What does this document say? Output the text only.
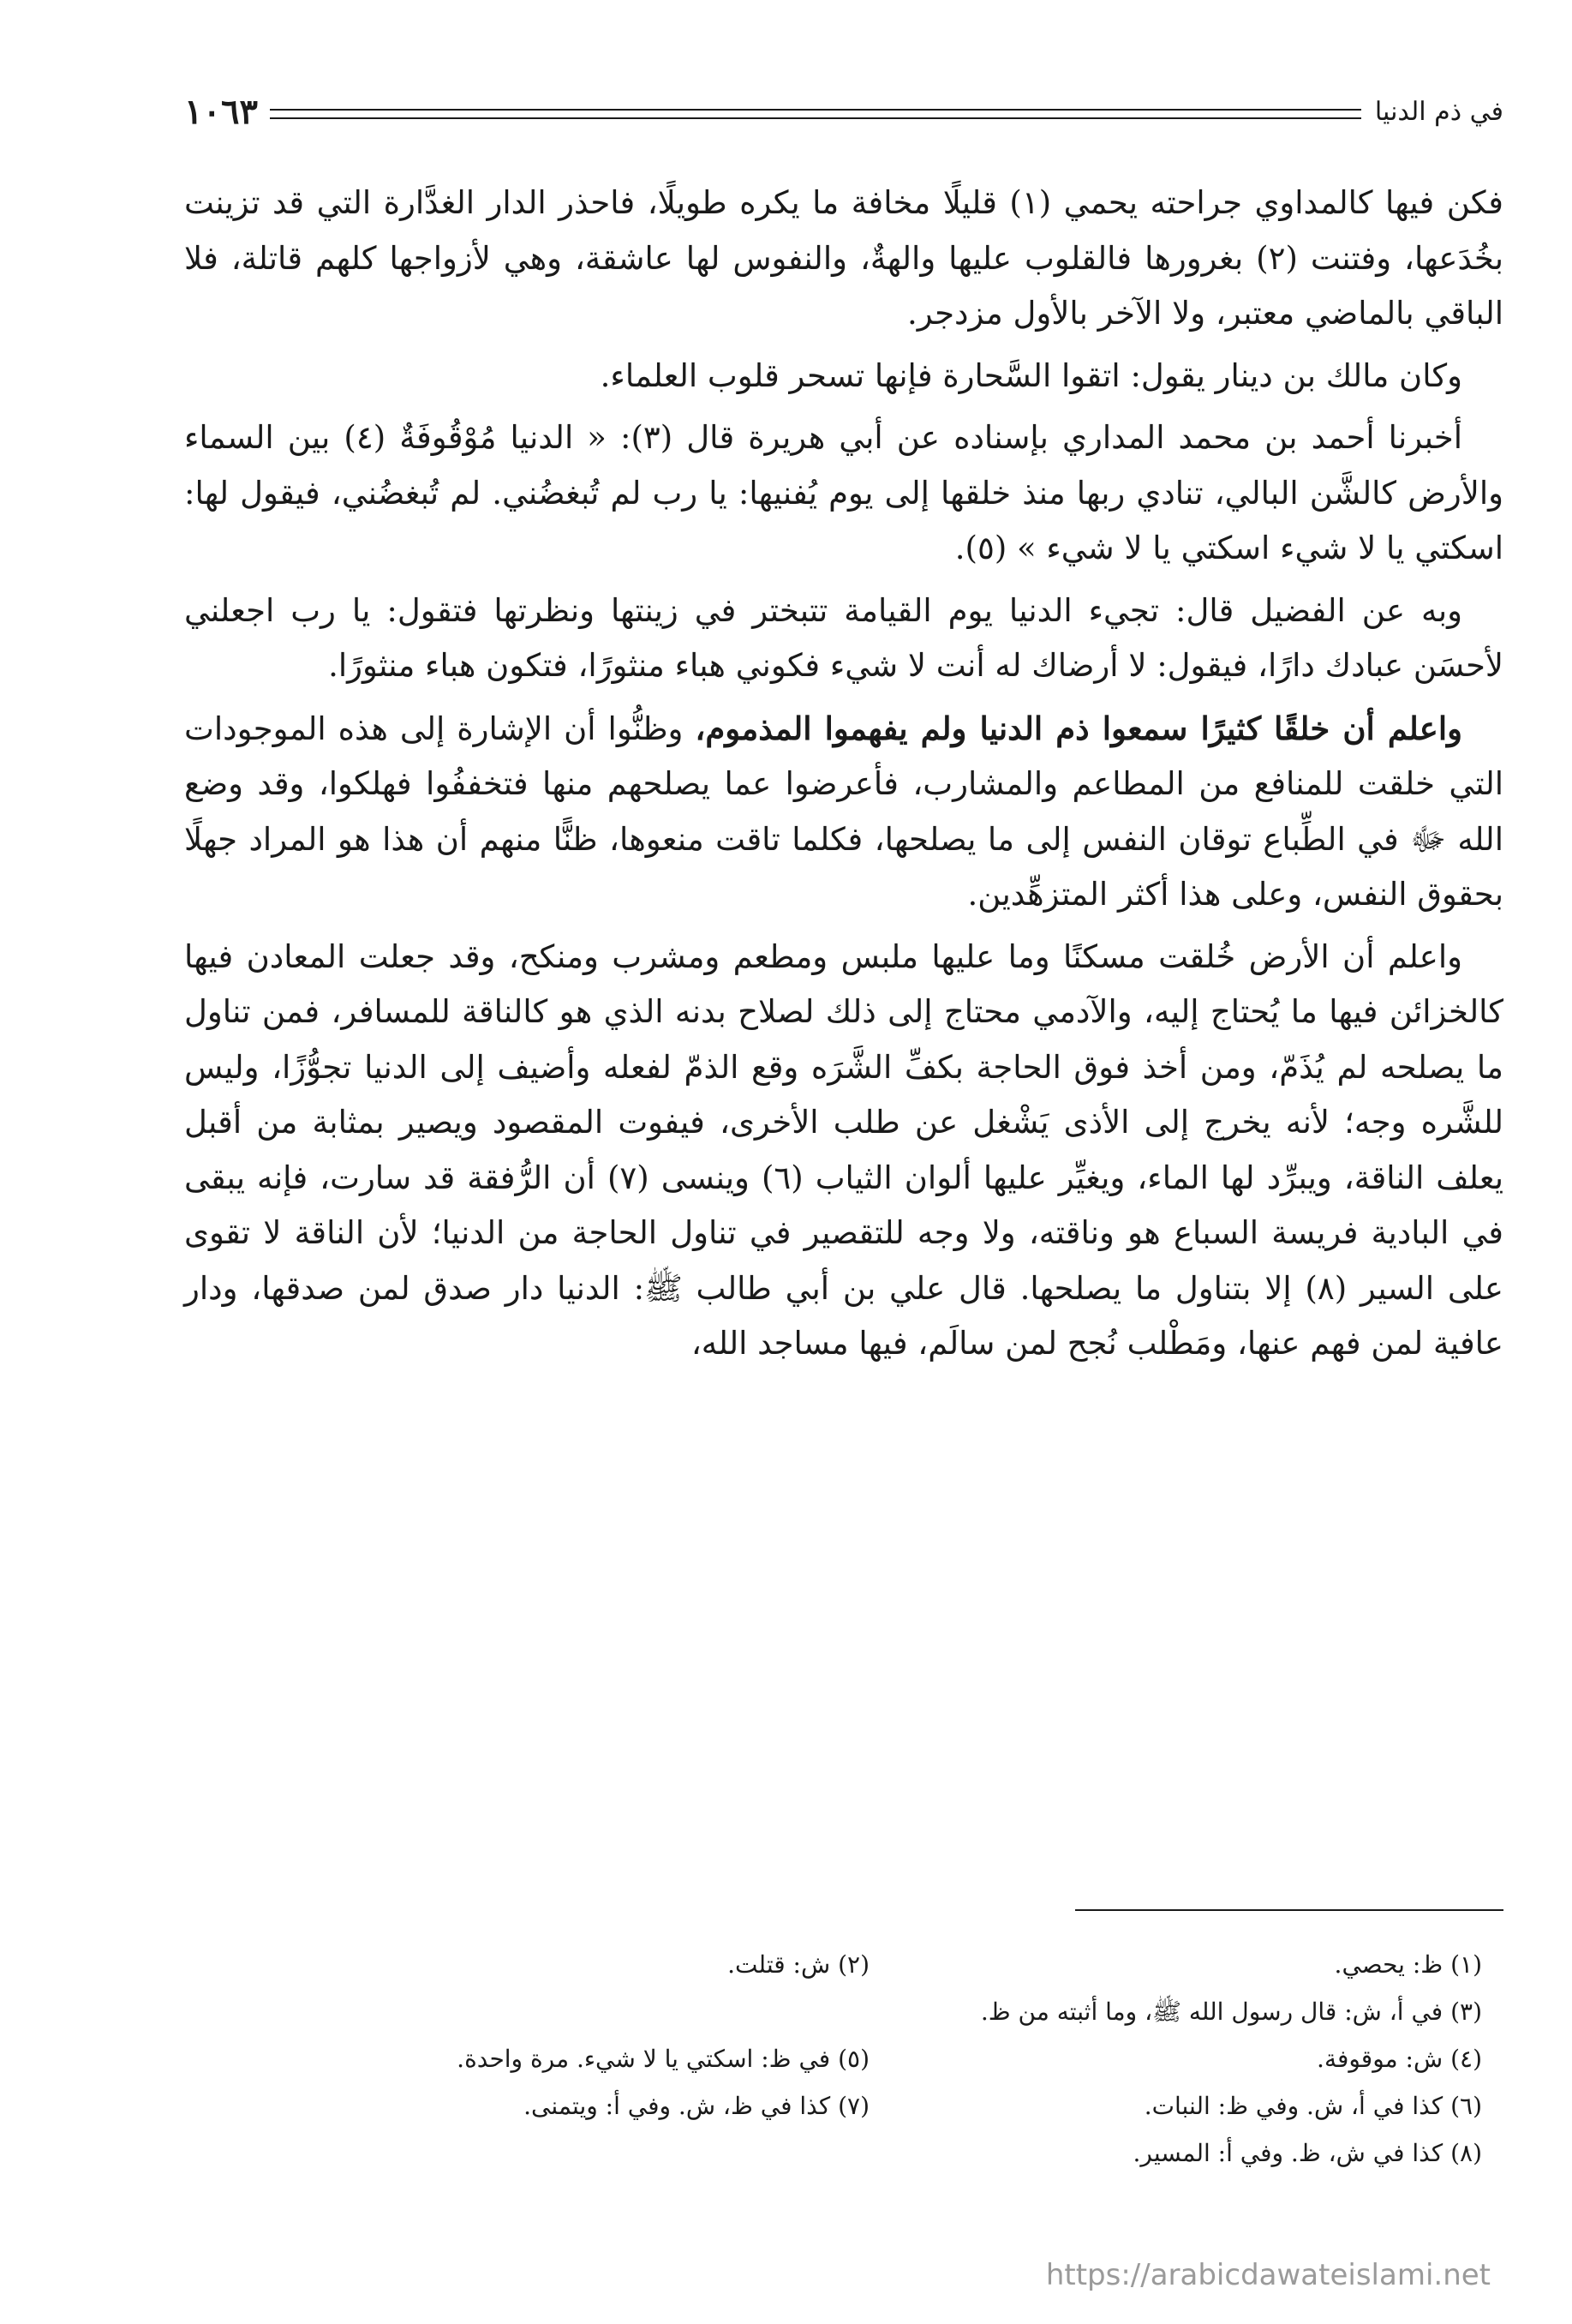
في ذم الدنيا
١٠٦٣

فكن فيها كالمداوي جراحته يحمي (١) قليلًا مخافة ما يكره طويلًا، فاحذر الدار الغدَّارة التي قد تزينت بخُدَعها، وفتنت (٢) بغرورها فالقلوب عليها والهةٌ، والنفوس لها عاشقة، وهي لأزواجها كلهم قاتلة، فلا الباقي بالماضي معتبر، ولا الآخر بالأول مزدجر.

وكان مالك بن دينار يقول: اتقوا السَّحارة فإنها تسحر قلوب العلماء.

أخبرنا أحمد بن محمد المداري بإسناده عن أبي هريرة قال (٣): « الدنيا مُوْقُوفَةٌ (٤) بين السماء والأرض كالشَّن البالي، تنادي ربها منذ خلقها إلى يوم يُفنيها: يا رب لم تُبغضُني. لم تُبغضُني، فيقول لها: اسكتي يا لا شيء اسكتي يا لا شيء » (٥).

وبه عن الفضيل قال: تجيء الدنيا يوم القيامة تتبختر في زينتها ونظرتها فتقول: يا رب اجعلني لأحسَن عبادك دارًا، فيقول: لا أرضاك له أنت لا شيء فكوني هباء منثورًا، فتكون هباء منثورًا.

واعلم أن خلقًا كثيرًا سمعوا ذم الدنيا ولم يفهموا المذموم، وظنُّوا أن الإشارة إلى هذه الموجودات التي خلقت للمنافع من المطاعم والمشارب، فأعرضوا عما يصلحهم منها فتخففُوا فهلكوا، وقد وضع الله ﷻ في الطِّباع توقان النفس إلى ما يصلحها، فكلما تاقت منعوها، ظنًّا منهم أن هذا هو المراد جهلًا بحقوق النفس، وعلى هذا أكثر المتزهِّدين.

واعلم أن الأرض خُلقت مسكنًا وما عليها ملبس ومطعم ومشرب ومنكح، وقد جعلت المعادن فيها كالخزائن فيها ما يُحتاج إليه، والآدمي محتاج إلى ذلك لصلاح بدنه الذي هو كالناقة للمسافر، فمن تناول ما يصلحه لم يُذَمّ، ومن أخذ فوق الحاجة بكفِّ الشَّرَه وقع الذمّ لفعله وأضيف إلى الدنيا تجوُّزًا، وليس للشَّره وجه؛ لأنه يخرج إلى الأذى يَشْغل عن طلب الأخرى، فيفوت المقصود ويصير بمثابة من أقبل يعلف الناقة، ويبرِّد لها الماء، ويغيِّر عليها ألوان الثياب (٦) وينسى (٧) أن الرُّفقة قد سارت، فإنه يبقى في البادية فريسة السباع هو وناقته، ولا وجه للتقصير في تناول الحاجة من الدنيا؛ لأن الناقة لا تقوى على السير (٨) إلا بتناول ما يصلحها. قال علي بن أبي طالب ﷺ: الدنيا دار صدق لمن صدقها، ودار عافية لمن فهم عنها، ومَطْلب نُجح لمن سالَم، فيها مساجد الله،

(١) ظ: يحصي.
(٢) ش: قتلت.
(٣) في أ، ش: قال رسول الله ﷺ، وما أثبته من ظ.
(٤) ش: موقوفة.
(٥) في ظ: اسكتي يا لا شيء. مرة واحدة.
(٦) كذا في أ، ش. وفي ظ: النبات.
(٧) كذا في ظ، ش. وفي أ: ويتمنى.
(٨) كذا في ش، ظ. وفي أ: المسير.
https://arabicdawateislami.net
